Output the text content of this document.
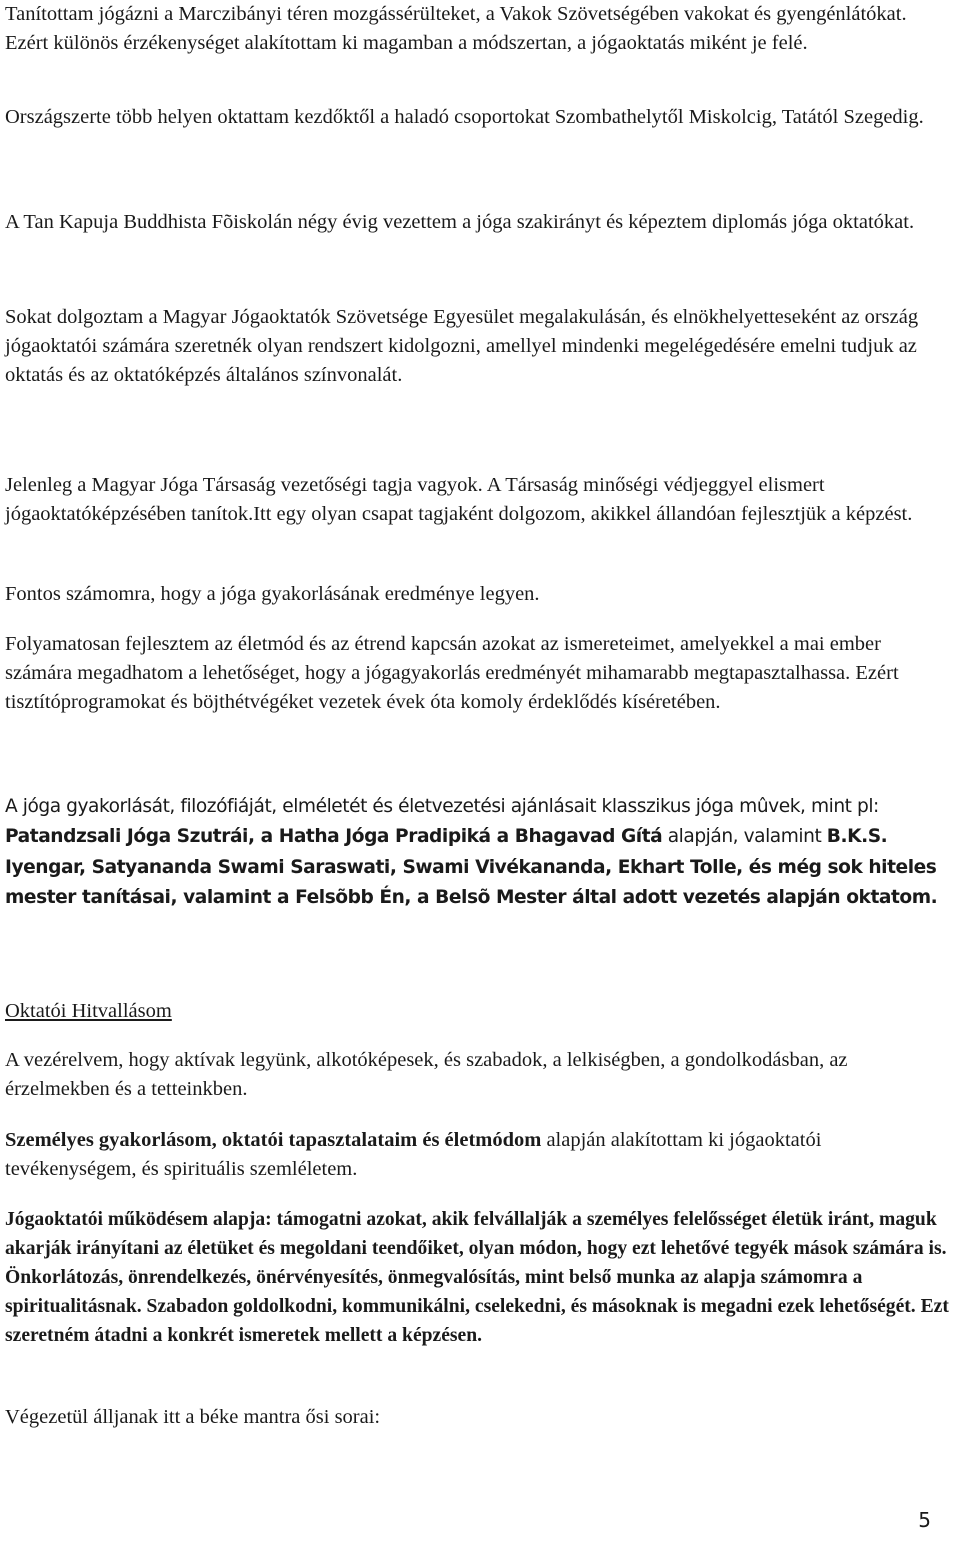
Tanítottam jógázni a Marczibányi téren mozgássérülteket, a Vakok Szövetségében vakokat és gyengénlátókat. Ezért különös érzékenységet alakítottam ki magamban a módszertan, a jógaoktatás miként je felé.

Országszerte több helyen oktattam kezdőktől a haladó csoportokat Szombathelytől Miskolcig, Tatától Szegedig.

A Tan Kapuja Buddhista Fõiskolán négy évig vezettem a jóga szakirányt és képeztem diplomás jóga oktatókat.

Sokat dolgoztam a Magyar Jógaoktatók Szövetsége Egyesület megalakulásán, és elnökhelyetteseként az ország jógaoktatói számára szeretnék olyan rendszert kidolgozni, amellyel mindenki megelégedésére emelni tudjuk az oktatás és az oktatóképzés általános színvonalát.

Jelenleg a Magyar Jóga Társaság vezetőségi tagja vagyok. A Társaság minőségi védjeggyel elismert jógaoktatóképzésében tanítok.Itt egy olyan csapat tagjaként dolgozom, akikkel állandóan fejlesztjük a képzést.

Fontos számomra, hogy a jóga gyakorlásának eredménye legyen.

Folyamatosan fejlesztem az életmód és az étrend kapcsán azokat az ismereteimet, amelyekkel a mai ember számára megadhatom a lehetőséget, hogy a jógagyakorlás eredményét mihamarabb megtapasztalhassa. Ezért tisztítóprogramokat és böjthétvégéket vezetek évek óta komoly érdeklődés kíséretében.

A jóga gyakorlását, filozófiáját, elméletét és életvezetési ajánlásait klasszikus jóga mûvek, mint pl: Patandzsali Jóga Szutrái, a Hatha Jóga Pradipiká a Bhagavad Gítá alapján, valamint B.K.S. Iyengar, Satyananda Swami Saraswati, Swami Vivékananda, Ekhart Tolle, és még sok hiteles mester tanításai, valamint a Felsõbb Én, a Belsõ Mester által adott vezetés alapján oktatom.

Oktatói Hitvallásom

A vezérelvem, hogy aktívak legyünk, alkotóképesek, és szabadok, a lelkiségben, a gondolkodásban, az érzelmekben és a tetteinkben.

Személyes gyakorlásom, oktatói tapasztalataim és életmódom alapján alakítottam ki jógaoktatói tevékenységem, és spirituális szemléletem.

Jógaoktatói működésem alapja: támogatni azokat, akik felvállalják a személyes felelősséget életük iránt, maguk akarják irányítani az életüket és megoldani teendőiket, olyan módon, hogy ezt lehetővé tegyék mások számára is. Önkorlátozás, önrendelkezés, önérvényesítés, önmegvalósítás, mint belső munka az alapja számomra a spiritualitásnak. Szabadon goldolkodni, kommunikálni, cselekedni, és másoknak is megadni ezek lehetőségét. Ezt szeretném átadni a konkrét ismeretek mellett a képzésen.

Végezetül álljanak itt a béke mantra ősi sorai:

5
